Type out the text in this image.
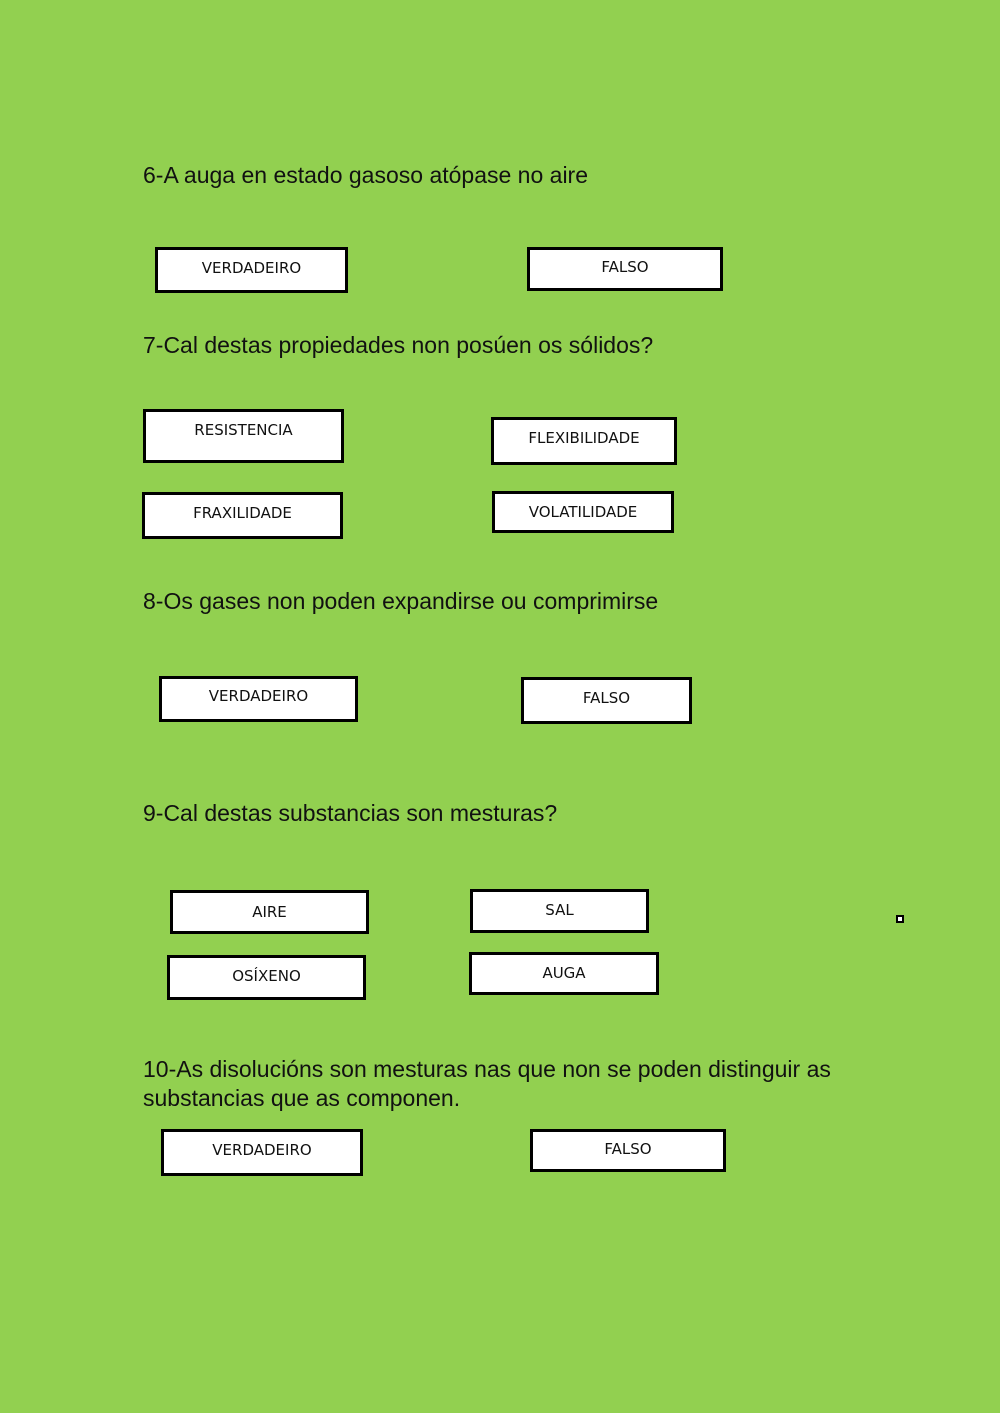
6-A auga en estado gasoso atópase no aire

VERDADEIRO	FALSO

7-Cal destas propiedades non posúen os sólidos?

RESISTENCIA	FLEXIBILIDADE
FRAXILIDADE	VOLATILIDADE

8-Os gases non poden expandirse ou comprimirse

VERDADEIRO	FALSO

9-Cal destas substancias son mesturas?

AIRE	SAL
OSÍXENO	AUGA

10-As disolucións son mesturas nas que non se poden distinguir as substancias que as componen.

VERDADEIRO	FALSO
